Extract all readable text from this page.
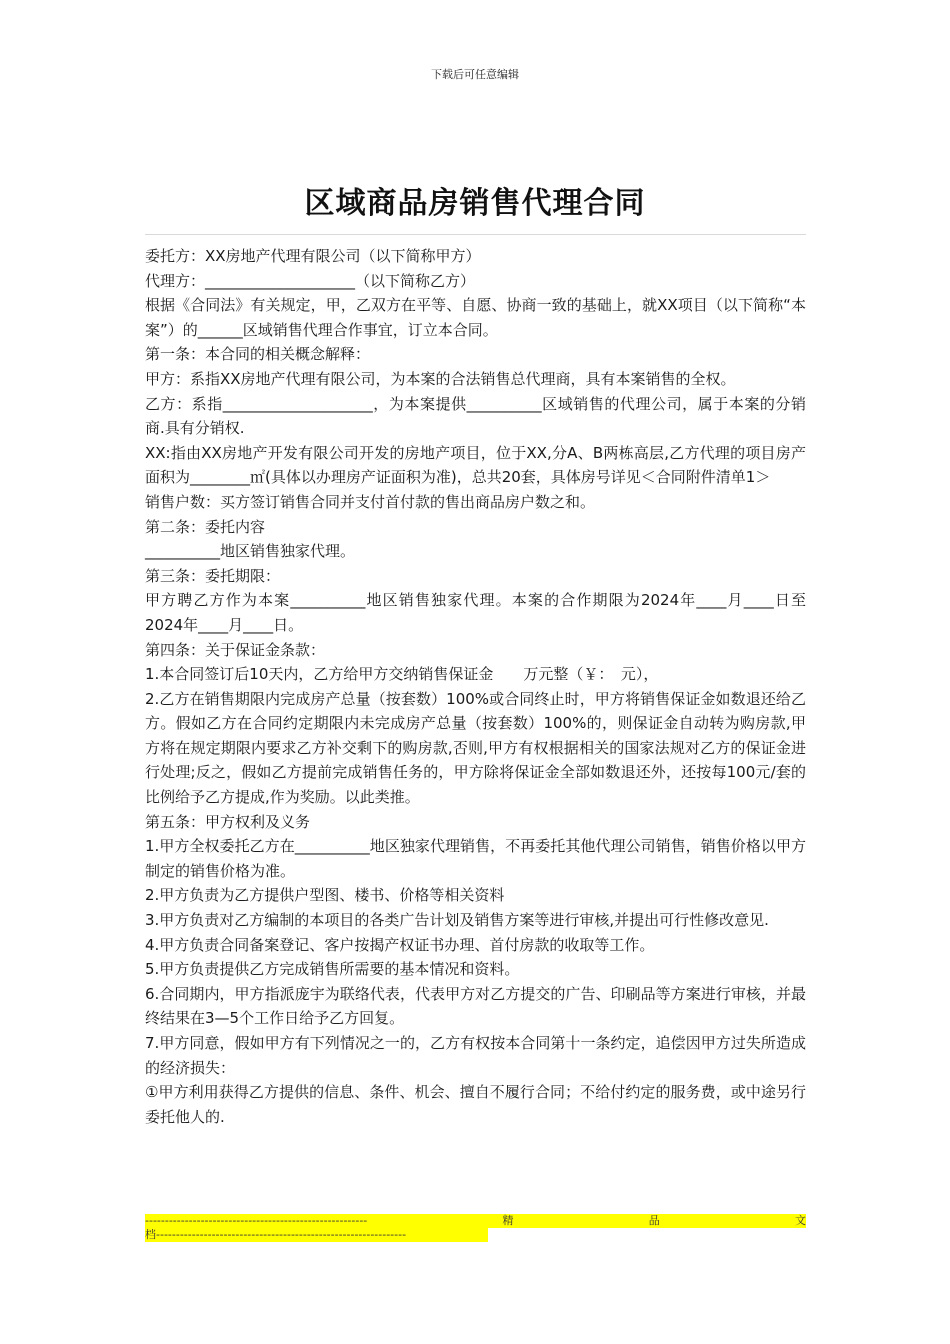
下载后可任意编辑
区域商品房销售代理合同

委托方：XX房地产代理有限公司（以下简称甲方）

代理方：____________________（以下简称乙方）

根据《合同法》有关规定，甲，乙双方在平等、自愿、协商一致的基础上，就XX项目（以下简称“本案”）的______区域销售代理合作事宜，订立本合同。

第一条：本合同的相关概念解释：

甲方：系指XX房地产代理有限公司，为本案的合法销售总代理商，具有本案销售的全权。

乙方：系指____________________，为本案提供__________区域销售的代理公司，属于本案的分销商.具有分销权.

XX:指由XX房地产开发有限公司开发的房地产项目，位于XX,分A、B两栋高层,乙方代理的项目房产面积为________㎡(具体以办理房产证面积为准)，总共20套，具体房号详见＜合同附件清单1＞

销售户数：买方签订销售合同并支付首付款的售出商品房户数之和。

第二条：委托内容

__________地区销售独家代理。

第三条：委托期限：

甲方聘乙方作为本案__________地区销售独家代理。本案的合作期限为2024年____月____日至2024年____月____日。

第四条：关于保证金条款：

1.本合同签订后10天内，乙方给甲方交纳销售保证金　　万元整（￥：　元），

2.乙方在销售期限内完成房产总量（按套数）100%或合同终止时，甲方将销售保证金如数退还给乙方。假如乙方在合同约定期限内未完成房产总量（按套数）100%的，则保证金自动转为购房款,甲方将在规定期限内要求乙方补交剩下的购房款,否则,甲方有权根据相关的国家法规对乙方的保证金进行处理;反之，假如乙方提前完成销售任务的，甲方除将保证金全部如数退还外，还按每100元/套的比例给予乙方提成,作为奖励。以此类推。

第五条：甲方权利及义务

1.甲方全权委托乙方在__________地区独家代理销售，不再委托其他代理公司销售，销售价格以甲方制定的销售价格为准。

2.甲方负责为乙方提供户型图、楼书、价格等相关资料

3.甲方负责对乙方编制的本项目的各类广告计划及销售方案等进行审核,并提出可行性修改意见.

4.甲方负责合同备案登记、客户按揭产权证书办理、首付房款的收取等工作。

5.甲方负责提供乙方完成销售所需要的基本情况和资料。

6.合同期内，甲方指派庞宇为联络代表，代表甲方对乙方提交的广告、印刷品等方案进行审核，并最终结果在3—5个工作日给予乙方回复。

7.甲方同意，假如甲方有下列情况之一的，乙方有权按本合同第十一条约定，追偿因甲方过失所造成的经济损失：

①甲方利用获得乙方提供的信息、条件、机会、擅自不履行合同；不给付约定的服务费，或中途另行委托他人的.

--------------------------------------------------------	精	品	文
档---------------------------------------------------------------
